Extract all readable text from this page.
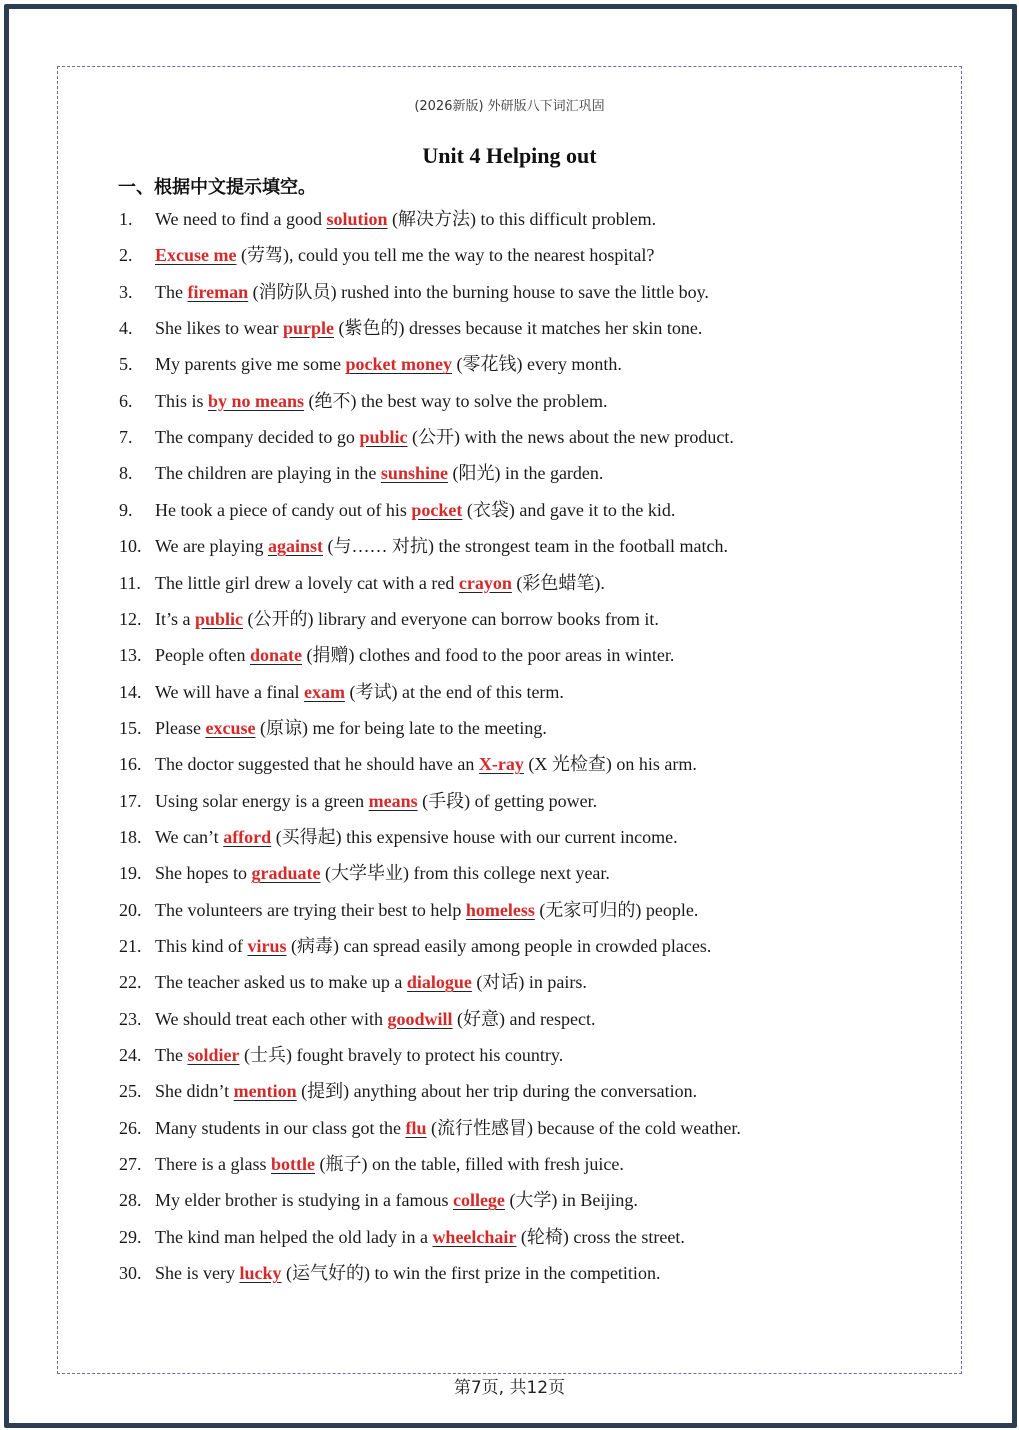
(2026新版) 外研版八下词汇巩固
Unit 4 Helping out
一、根据中文提示填空。
1. We need to find a good solution (解决方法) to this difficult problem.
2. Excuse me (劳驾), could you tell me the way to the nearest hospital?
3. The fireman (消防队员) rushed into the burning house to save the little boy.
4. She likes to wear purple (紫色的) dresses because it matches her skin tone.
5. My parents give me some pocket money (零花钱) every month.
6. This is by no means (绝不) the best way to solve the problem.
7. The company decided to go public (公开) with the news about the new product.
8. The children are playing in the sunshine (阳光) in the garden.
9. He took a piece of candy out of his pocket (衣袋) and gave it to the kid.
10. We are playing against (与…… 对抗) the strongest team in the football match.
11. The little girl drew a lovely cat with a red crayon (彩色蜡笔).
12. It’s a public (公开的) library and everyone can borrow books from it.
13. People often donate (捐赠) clothes and food to the poor areas in winter.
14. We will have a final exam (考试) at the end of this term.
15. Please excuse (原谅) me for being late to the meeting.
16. The doctor suggested that he should have an X-ray (X 光检查) on his arm.
17. Using solar energy is a green means (手段) of getting power.
18. We can’t afford (买得起) this expensive house with our current income.
19. She hopes to graduate (大学毕业) from this college next year.
20. The volunteers are trying their best to help homeless (无家可归的) people.
21. This kind of virus (病毒) can spread easily among people in crowded places.
22. The teacher asked us to make up a dialogue (对话) in pairs.
23. We should treat each other with goodwill (好意) and respect.
24. The soldier (士兵) fought bravely to protect his country.
25. She didn’t mention (提到) anything about her trip during the conversation.
26. Many students in our class got the flu (流行性感冒) because of the cold weather.
27. There is a glass bottle (瓶子) on the table, filled with fresh juice.
28. My elder brother is studying in a famous college (大学) in Beijing.
29. The kind man helped the old lady in a wheelchair (轮椅) cross the street.
30. She is very lucky (运气好的) to win the first prize in the competition.
第7页, 共12页
